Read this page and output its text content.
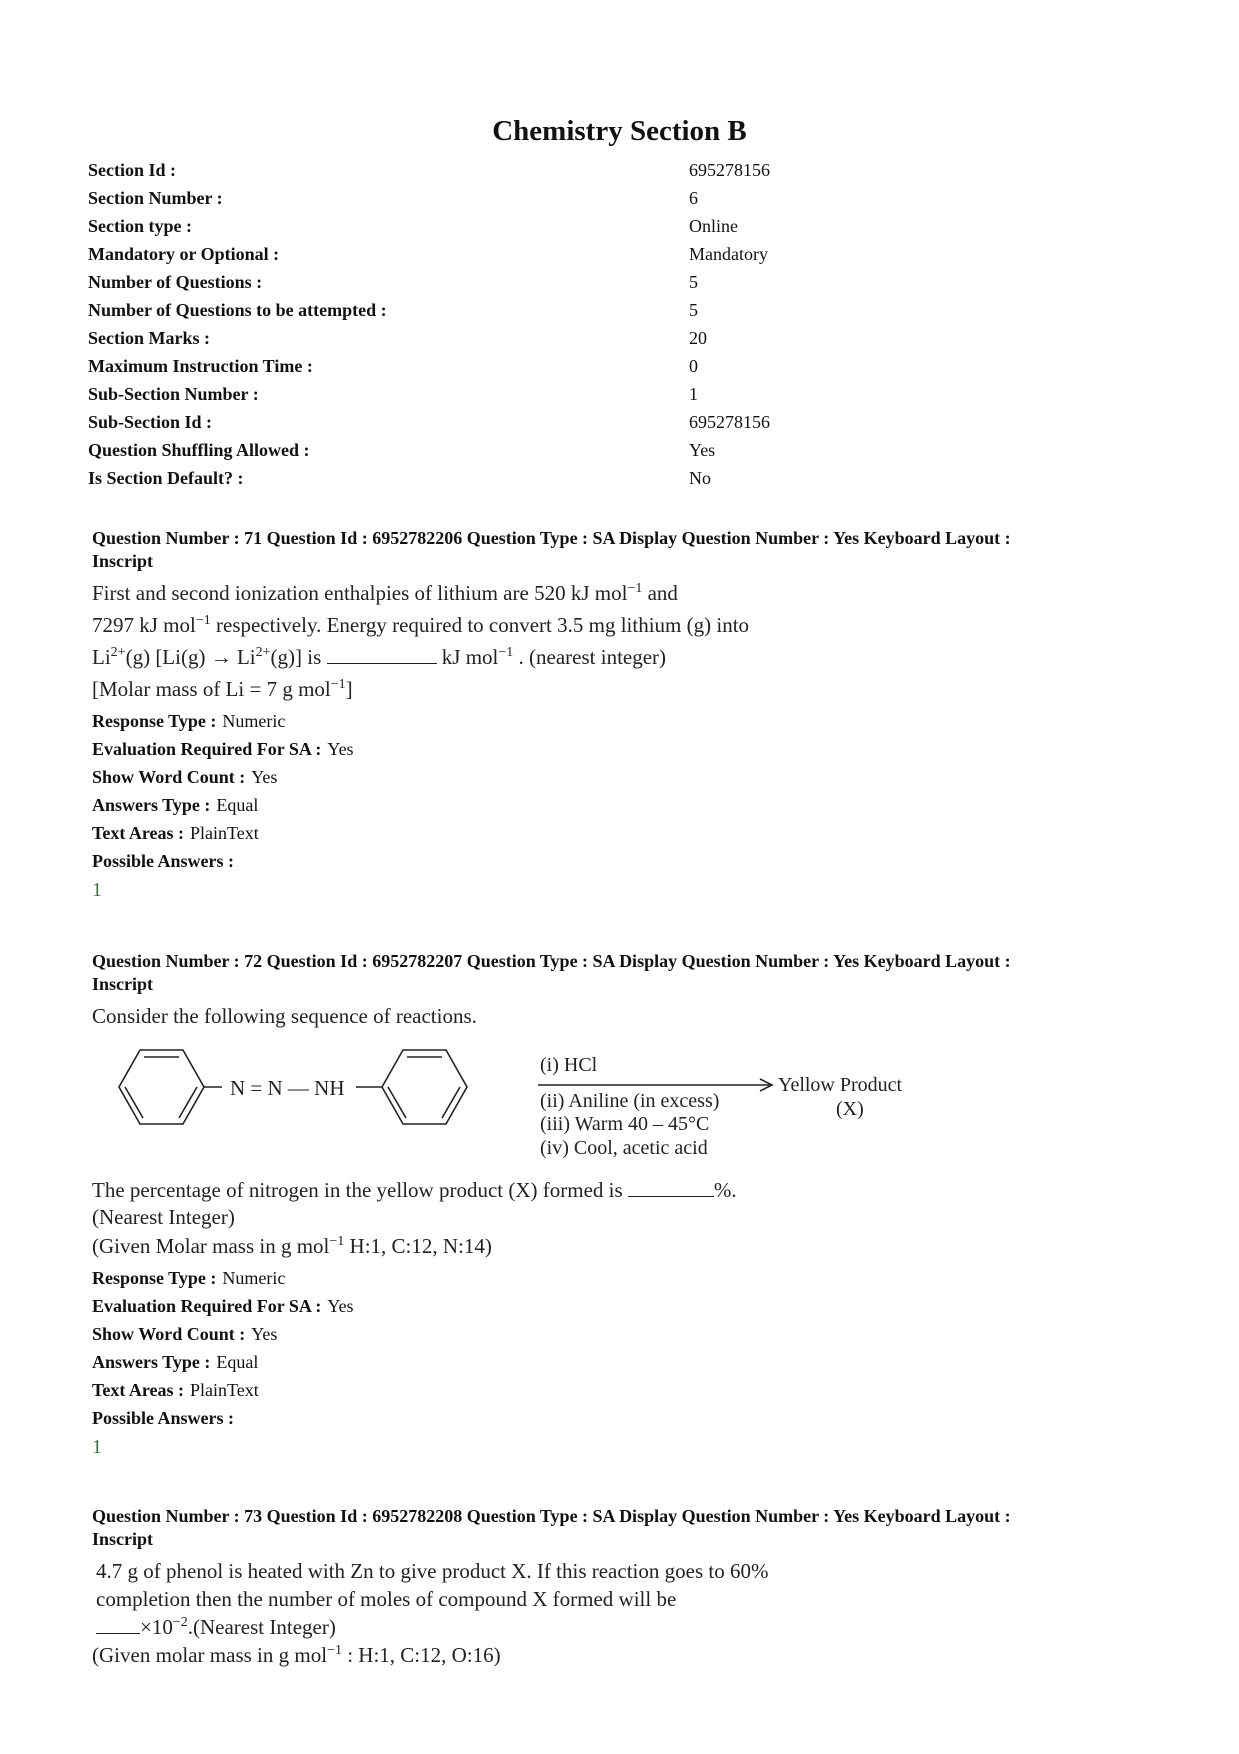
Chemistry Section B
Section Id :	695278156
Section Number :	6
Section type :	Online
Mandatory or Optional :	Mandatory
Number of Questions :	5
Number of Questions to be attempted :	5
Section Marks :	20
Maximum Instruction Time :	0
Sub-Section Number :	1
Sub-Section Id :	695278156
Question Shuffling Allowed :	Yes
Is Section Default? :	No
Question Number : 71 Question Id : 6952782206 Question Type : SA Display Question Number : Yes Keyboard Layout :
Inscript
First and second ionization enthalpies of lithium are 520 kJ mol$^{-1}$ and
7297 kJ mol$^{-1}$ respectively. Energy required to convert 3.5 mg lithium (g) into
$Li^{2+}(g) [Li(g) \to Li^{2+}(g)]$ is	kJ mol$^{-1}$ . (nearest integer)
[Molar mass of Li = 7 g mol$^{-1}$]
Response Type : Numeric
Evaluation Required For SA : Yes
Show Word Count : Yes
Answers Type : Equal
Text Areas : PlainText
Possible Answers :
1
Question Number : 72 Question Id : 6952782207 Question Type : SA Display Question Number : Yes Keyboard Layout :
Inscript
Consider the following sequence of reactions.
N = N — NH
(i) HCl
(ii) Aniline (in excess)
(iii) Warm 40 – 45°C
(iv) Cool, acetic acid
Yellow Product
(X)
The percentage of nitrogen in the yellow product (X) formed is	%.
(Nearest Integer)
(Given Molar mass in g mol$^{-1}$ H:1, C:12, N:14)
Response Type : Numeric
Evaluation Required For SA : Yes
Show Word Count : Yes
Answers Type : Equal
Text Areas : PlainText
Possible Answers :
1
Question Number : 73 Question Id : 6952782208 Question Type : SA Display Question Number : Yes Keyboard Layout :
Inscript
4.7 g of phenol is heated with Zn to give product X. If this reaction goes to 60%
completion then the number of moles of compound X formed will be
$\times 10^{-2}.(Nearest$ Integer)
(Given molar mass in g mol$^{-1}$ : H:1, C:12, O:16)
